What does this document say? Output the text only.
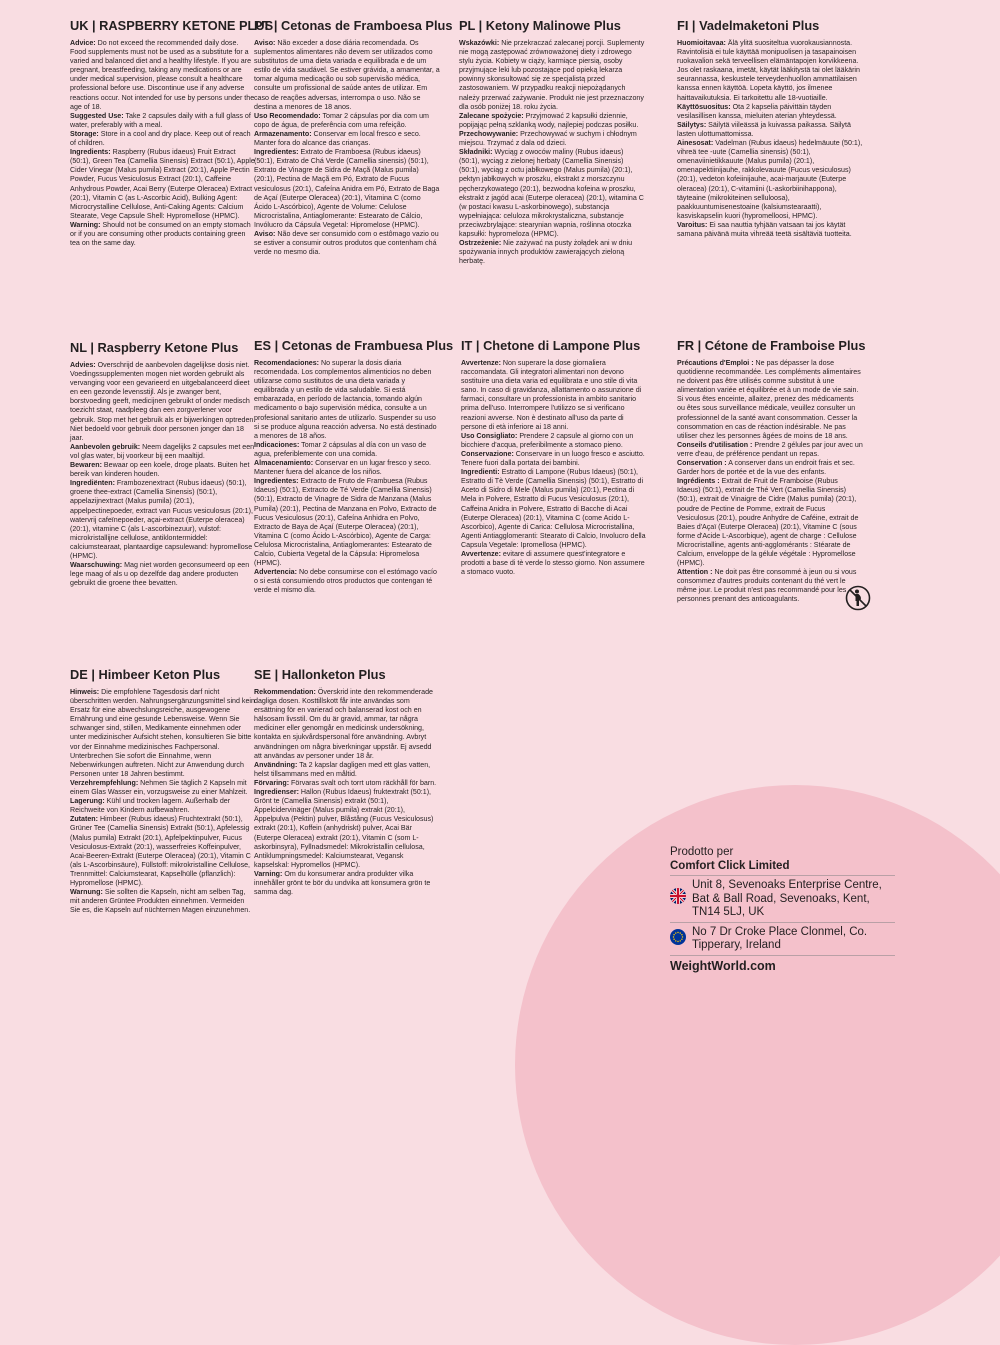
UK | RASPBERRY KETONE PLUS

Advice: Do not exceed the recommended daily dose. Food supplements must not be used as a substitute for a varied and balanced diet and a healthy lifestyle. If you are pregnant, breastfeeding, taking any medications or are under medical supervision, please consult a healthcare professional before use. Discontinue use if any adverse reactions occur. Not intended for use by persons under the age of 18.

Suggested Use: Take 2 capsules daily with a full glass of water, preferably with a meal.

Storage: Store in a cool and dry place. Keep out of reach of children.

Ingredients: Raspberry (Rubus idaeus) Fruit Extract (50:1), Green Tea (Camellia Sinensis) Extract (50:1), Apple Cider Vinegar (Malus pumila) Extract (20:1), Apple Pectin Powder, Fucus Vesiculosus Extract (20:1), Caffeine Anhydrous Powder, Acai Berry (Euterpe Oleracea) Extract (20:1), Vitamin C (as L-Ascorbic Acid), Bulking Agent: Microcrystalline Cellulose, Anti-Caking Agents: Calcium Stearate, Vege Capsule Shell: Hypromellose (HPMC).

Warning: Should not be consumed on an empty stomach or if you are consuming other products containing green tea on the same day.

PT | Cetonas de Framboesa Plus

Aviso: Não exceder a dose diária recomendada. Os suplementos alimentares não devem ser utilizados como substitutos de uma dieta variada e equilibrada e de um estilo de vida saudável. Se estiver grávida, a amamentar, a tomar alguma medicação ou sob supervisão médica, consulte um profissional de saúde antes de utilizar. Em caso de reações adversas, interrompa o uso. Não se destina a menores de 18 anos.

Uso Recomendado: Tomar 2 cápsulas por dia com um copo de água, de preferência com uma refeição.

Armazenamento: Conservar em local fresco e seco. Manter fora do alcance das crianças.

Ingredientes: Extrato de Framboesa (Rubus idaeus) (50:1), Extrato de Chá Verde (Camellia sinensis) (50:1), Extrato de Vinagre de Sidra de Maçã (Malus pumila) (20:1), Pectina de Maçã em Pó, Extrato de Fucus vesiculosus (20:1), Cafeína Anidra em Pó, Extrato de Baga de Açaí (Euterpe Oleracea) (20:1), Vitamina C (como Ácido L-Ascórbico), Agente de Volume: Celulose Microcristalina, Antiaglomerante: Estearato de Cálcio, Invólucro da Cápsula Vegetal: Hipromelose (HPMC).

Aviso: Não deve ser consumido com o estômago vazio ou se estiver a consumir outros produtos que contenham chá verde no mesmo dia.

PL | Ketony Malinowe Plus

Wskazówki: Nie przekraczać zalecanej porcji. Suplementy nie mogą zastępować zrównoważonej diety i zdrowego stylu życia. Kobiety w ciąży, karmiące piersią, osoby przyjmujące leki lub pozostające pod opieką lekarza powinny skonsultować się ze specjalistą przed zastosowaniem. W przypadku reakcji niepożądanych należy przerwać zażywanie. Produkt nie jest przeznaczony dla osób poniżej 18. roku życia.

Zalecane spożycie: Przyjmować 2 kapsułki dziennie, popijając pełną szklanką wody, najlepiej podczas posiłku.

Przechowywanie: Przechowywać w suchym i chłodnym miejscu. Trzymać z dala od dzieci.

Składniki: Wyciąg z owoców maliny (Rubus idaeus) (50:1), wyciąg z zielonej herbaty (Camellia Sinensis) (50:1), wyciąg z octu jabłkowego (Malus pumila) (20:1), pektyn jabłkowych w proszku, ekstrakt z morszczynu pęcherzykowatego (20:1), bezwodna kofeina w proszku, ekstrakt z jagód acai (Euterpe oleracea) (20:1), witamina C (w postaci kwasu L-askorbinowego), substancja wypełniająca: celuloza mikrokrystaliczna, substancje przeciwzbrylające: stearynian wapnia, roślinna otoczka kapsułki: hypromeloza (HPMC).

Ostrzeżenie: Nie zażywać na pusty żołądek ani w dniu spożywania innych produktów zawierających zieloną herbatę.

FI | Vadelmaketoni Plus

Huomioitavaa: Älä ylitä suositeltua vuorokausiannosta. Ravintolisiä ei tule käyttää monipuolisen ja tasapainoisen ruokavalion sekä terveellisen elämäntapojen korvikkeena. Jos olet raskaana, imetät, käytät lääkitystä tai olet lääkärin seurannassa, keskustele terveydenhuollon ammattilaisen kanssa ennen käyttöä. Lopeta käyttö, jos ilmenee haittavaikutuksia. Ei tarkoitettu alle 18-vuotiaille.

Käyttösuositus: Ota 2 kapselia päivittäin täyden vesilasillisen kanssa, mieluiten aterian yhteydessä.

Säilytys: Säilytä viileässä ja kuivassa paikassa. Säilytä lasten ulottumattomissa.

Ainesosat: Vadelman (Rubus idaeus) hedelmäuute (50:1), vihreä tee -uute (Camellia sinensis) (50:1), omenaviinietikkauute (Malus pumila) (20:1), omenapektiinijauhe, rakkolevauute (Fucus vesiculosus) (20:1), vedeton kofeiinijauhe, acai-marjauute (Euterpe oleracea) (20:1), C-vitamiini (L-askorbiinihappona), täyteaine (mikrokiteinen selluloosa), paakkuuntumisenestoaine (kalsiumstearaatti), kasviskapselin kuori (hypromelloosi, HPMC).

Varoitus: Ei saa nauttia tyhjään vatsaan tai jos käytät samana päivänä muita vihreää teetä sisältäviä tuotteita.

NL | Raspberry Ketone Plus

Advies: Overschrijd de aanbevolen dagelijkse dosis niet. Voedingssupplementen mogen niet worden gebruikt als vervanging voor een gevarieerd en uitgebalanceerd dieet en een gezonde levensstijl. Als je zwanger bent, borstvoeding geeft, medicijnen gebruikt of onder medisch toezicht staat, raadpleeg dan een zorgverlener voor gebruik. Stop met het gebruik als er bijwerkingen optreden. Niet bedoeld voor gebruik door personen jonger dan 18 jaar.

Aanbevolen gebruik: Neem dagelijks 2 capsules met een vol glas water, bij voorkeur bij een maaltijd.

Bewaren: Bewaar op een koele, droge plaats. Buiten het bereik van kinderen houden.

Ingrediënten: Frambozenextract (Rubus idaeus) (50:1), groene thee-extract (Camellia Sinensis) (50:1), appelazijnextract (Malus pumila) (20:1), appelpectinepoeder, extract van Fucus vesiculosus (20:1), watervrij cafeïnepoeder, açai-extract (Euterpe oleracea) (20:1), vitamine C (als L-ascorbinezuur), vulstof: microkristallijne cellulose, antiklontermiddel: calciumstearaat, plantaardige capsulewand: hypromellose (HPMC).

Waarschuwing: Mag niet worden geconsumeerd op een lege maag of als u op dezelfde dag andere producten gebruikt die groene thee bevatten.

ES | Cetonas de Frambuesa Plus

Recomendaciones: No superar la dosis diaria recomendada. Los complementos alimenticios no deben utilizarse como sustitutos de una dieta variada y equilibrada y un estilo de vida saludable. Si está embarazada, en período de lactancia, tomando algún medicamento o bajo supervisión médica, consulte a un profesional sanitario antes de utilizarlo. Suspender su uso si se produce alguna reacción adversa. No está destinado a menores de 18 años.

Indicaciones: Tomar 2 cápsulas al día con un vaso de agua, preferiblemente con una comida.

Almacenamiento: Conservar en un lugar fresco y seco. Mantener fuera del alcance de los niños.

Ingredientes: Extracto de Fruto de Frambuesa (Rubus Idaeus) (50:1), Extracto de Té Verde (Camellia Sinensis) (50:1), Extracto de Vinagre de Sidra de Manzana (Malus Pumila) (20:1), Pectina de Manzana en Polvo, Extracto de Fucus Vesiculosus (20:1), Cafeína Anhidra en Polvo, Extracto de Baya de Açaí (Euterpe Oleracea) (20:1), Vitamina C (como Ácido L-Ascórbico), Agente de Carga: Celulosa Microcristalina, Antiaglomerantes: Estearato de Calcio, Cubierta Vegetal de la Cápsula: Hipromelosa (HPMC).

Advertencia: No debe consumirse con el estómago vacío o si está consumiendo otros productos que contengan té verde el mismo día.

IT | Chetone di Lampone Plus

Avvertenze: Non superare la dose giornaliera raccomandata. Gli integratori alimentari non devono sostituire una dieta varia ed equilibrata e uno stile di vita sano. In caso di gravidanza, allattamento o assunzione di farmaci, consultare un professionista in ambito sanitario prima dell'uso. Interrompere l'utilizzo se si verificano reazioni avverse. Non è destinato all'uso da parte di persone di età inferiore ai 18 anni.

Uso Consigliato: Prendere 2 capsule al giorno con un bicchiere d'acqua, preferibilmente a stomaco pieno.

Conservazione: Conservare in un luogo fresco e asciutto. Tenere fuori dalla portata dei bambini.

Ingredienti: Estratto di Lampone (Rubus Idaeus) (50:1), Estratto di Tè Verde (Camellia Sinensis) (50:1), Estratto di Aceto di Sidro di Mele (Malus pumila) (20:1), Pectina di Mela in Polvere, Estratto di Fucus Vesiculosus (20:1), Caffeina Anidra in Polvere, Estratto di Bacche di Acai (Euterpe Oleracea) (20:1), Vitamina C (come Acido L-Ascorbico), Agente di Carica: Cellulosa Microcristallina, Agenti Antiagglomeranti: Stearato di Calcio, Involucro della Capsula Vegetale: Ipromellosa (HPMC).

Avvertenze: evitare di assumere quest'integratore e prodotti a base di tè verde lo stesso giorno. Non assumere a stomaco vuoto.

FR | Cétone de Framboise Plus

Précautions d'Emploi : Ne pas dépasser la dose quotidienne recommandée. Les compléments alimentaires ne doivent pas être utilisés comme substitut à une alimentation variée et équilibrée et à un mode de vie sain. Si vous êtes enceinte, allaitez, prenez des médicaments ou êtes sous surveillance médicale, veuillez consulter un professionnel de la santé avant consommation. Cesser la consommation en cas de réaction indésirable. Ne pas utiliser chez les personnes âgées de moins de 18 ans.

Conseils d'utilisation : Prendre 2 gélules par jour avec un verre d'eau, de préférence pendant un repas.

Conservation : A conserver dans un endroit frais et sec. Garder hors de portée et de la vue des enfants.

Ingrédients : Extrait de Fruit de Framboise (Rubus Idaeus) (50:1), extrait de Thé Vert (Camellia Sinensis) (50:1), extrait de Vinaigre de Cidre (Malus pumila) (20:1), poudre de Pectine de Pomme, extrait de Fucus Vesiculosus (20:1), poudre Anhydre de Caféine, extrait de Baies d'Açaï (Euterpe Oleracea) (20:1), Vitamine C (sous forme d'Acide L-Ascorbique), agent de charge : Cellulose Microcristalline, agents anti-agglomérants : Stéarate de Calcium, enveloppe de la gélule végétale : Hypromellose (HPMC).

Attention : Ne doit pas être consommé à jeun ou si vous consommez d'autres produits contenant du thé vert le même jour. Le produit n'est pas recommandé pour les personnes prenant des anticoagulants.

DE | Himbeer Keton Plus

Hinweis: Die empfohlene Tagesdosis darf nicht überschritten werden. Nahrungsergänzungsmittel sind kein Ersatz für eine abwechslungsreiche, ausgewogene Ernährung und eine gesunde Lebensweise. Wenn Sie schwanger sind, stillen, Medikamente einnehmen oder unter medizinischer Aufsicht stehen, konsultieren Sie bitte vor der Einnahme medizinisches Fachpersonal. Unterbrechen Sie sofort die Einnahme, wenn Nebenwirkungen auftreten. Nicht zur Anwendung durch Personen unter 18 Jahren bestimmt.

Verzehrempfehlung: Nehmen Sie täglich 2 Kapseln mit einem Glas Wasser ein, vorzugsweise zu einer Mahlzeit.

Lagerung: Kühl und trocken lagern. Außerhalb der Reichweite von Kindern aufbewahren.

Zutaten: Himbeer (Rubus idaeus) Fruchtextrakt (50:1), Grüner Tee (Camellia Sinensis) Extrakt (50:1), Apfelessig (Malus pumila) Extrakt (20:1), Apfelpektinpulver, Fucus Vesiculosus-Extrakt (20:1), wasserfreies Koffeinpulver, Acai-Beeren-Extrakt (Euterpe Oleracea) (20:1), Vitamin C (als L-Ascorbinsäure), Füllstoff: mikrokristalline Cellulose, Trennmittel: Calciumstearat, Kapselhülle (pflanzlich): Hypromellose (HPMC).

Warnung: Sie sollten die Kapseln, nicht am selben Tag, mit anderen Grüntee Produkten einnehmen. Vermeiden Sie es, die Kapseln auf nüchternen Magen einzunehmen.

SE | Hallonketon Plus

Rekommendation: Överskrid inte den rekommenderade dagliga dosen. Kosttillskott får inte användas som ersättning för en varierad och balanserad kost och en hälsosam livsstil. Om du är gravid, ammar, tar några mediciner eller genomgår en medicinsk undersökning, kontakta en sjukvårdspersonal före användning. Avbryt användningen om några biverkningar uppstår. Ej avsedd att användas av personer under 18 år.

Användning: Ta 2 kapslar dagligen med ett glas vatten, helst tillsammans med en måltid.

Förvaring: Förvaras svalt och torrt utom räckhåll för barn.

Ingredienser: Hallon (Rubus Idaeus) fruktextrakt (50:1), Grönt te (Camellia Sinensis) extrakt (50:1), Äppelcidervinäger (Malus pumila) extrakt (20:1), Äppelpulva (Pektin) pulver, Blåstång (Fucus Vesiculosus) extrakt (20:1), Koffein (anhydriskt) pulver, Acai Bär (Euterpe Oleracea) extrakt (20:1), Vitamin C (som L-askorbinsyra), Fyllnadsmedel: Mikrokristallin cellulosa, Antiklumpningsmedel: Kalciumstearat, Vegansk kapselskal: Hypromellos (HPMC).

Varning: Om du konsumerar andra produkter vilka innehåller grönt te bör du undvika att konsumera grön te samma dag.

Prodotto per
Comfort Click Limited
Unit 8, Sevenoaks Enterprise Centre, Bat & Ball Road, Sevenoaks, Kent, TN14 5LJ, UK
No 7 Dr Croke Place Clonmel, Co. Tipperary, Ireland
WeightWorld.com
